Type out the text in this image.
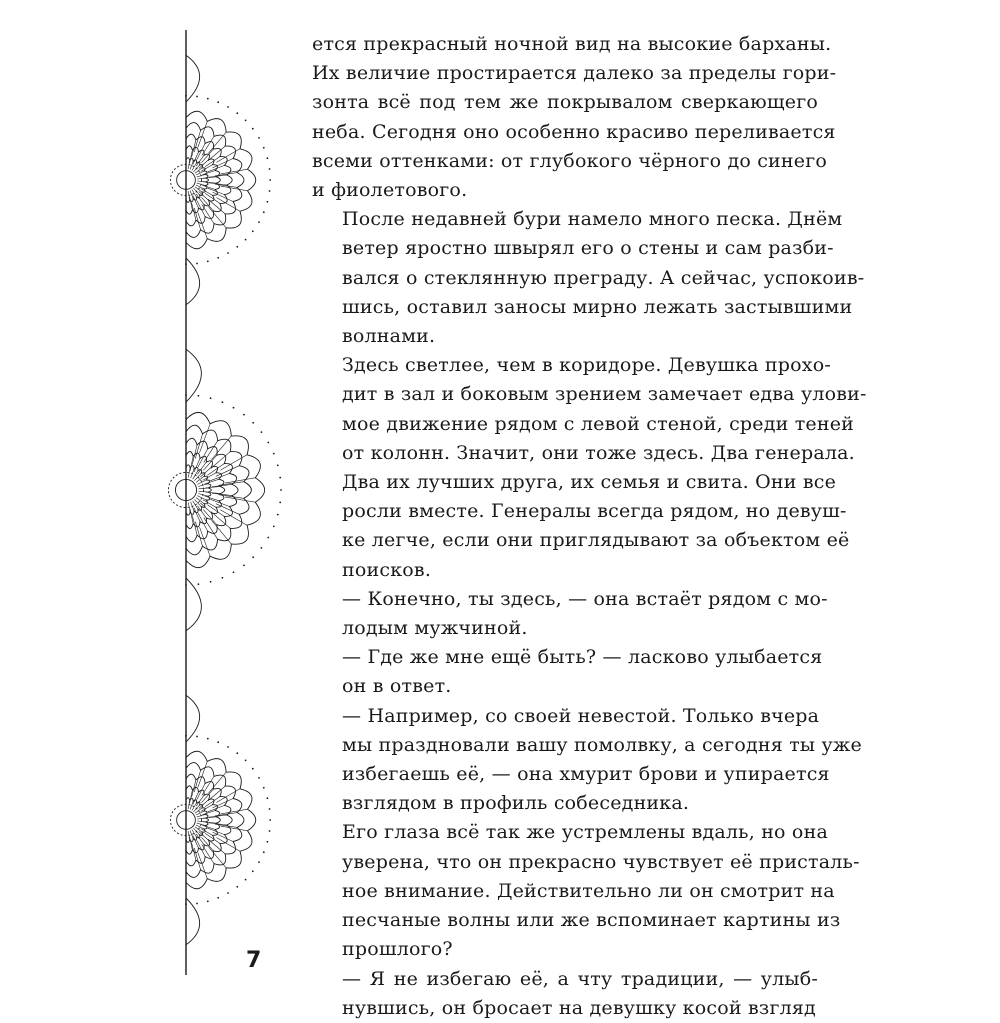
ется прекрасный ночной вид на высокие барханы.
Их величие простирается далеко за пределы гори-
зонта всё под тем же покрывалом сверкающего
неба. Сегодня оно особенно красиво переливается
всеми оттенками: от глубокого чёрного до синего
и фиолетового.
После недавней бури намело много песка. Днём
ветер яростно швырял его о стены и сам разби-
вался о стеклянную преграду. А сейчас, успокоив-
шись, оставил заносы мирно лежать застывшими
волнами.
Здесь светлее, чем в коридоре. Девушка прохо-
дит в зал и боковым зрением замечает едва улови-
мое движение рядом с левой стеной, среди теней
от колонн. Значит, они тоже здесь. Два генерала.
Два их лучших друга, их семья и свита. Они все
росли вместе. Генералы всегда рядом, но девуш-
ке легче, если они приглядывают за объектом её
поисков.
— Конечно, ты здесь, — она встаёт рядом с мо-
лодым мужчиной.
— Где же мне ещё быть? — ласково улыбается
он в ответ.
— Например, со своей невестой. Только вчера
мы праздновали вашу помолвку, а сегодня ты уже
избегаешь её, — она хмурит брови и упирается
взглядом в профиль собеседника.
Его глаза всё так же устремлены вдаль, но она
уверена, что он прекрасно чувствует её присталь-
ное внимание. Действительно ли он смотрит на
песчаные волны или же вспоминает картины из
прошлого?
— Я не избегаю её, а чту традиции, — улыб-
нувшись, он бросает на девушку косой взгляд
7
